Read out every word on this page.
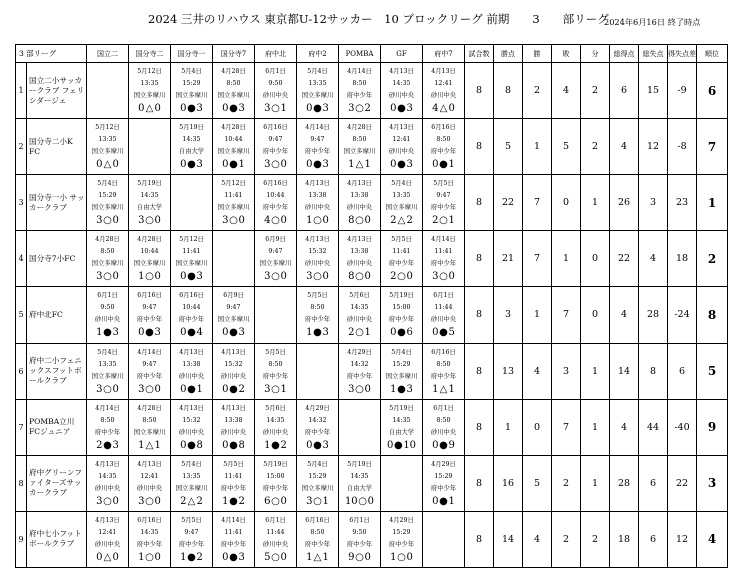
2024 三井のリハウス 東京都U-12サッカー　10 ブロックリーグ 前期　　3　　部リーグ
2024年6月16日 終了時点
3 部リーグ		国立二	国分寺二	国分寺一	国分寺7	府中北	府中2	POMBA	GF	府中7	試合数	勝点	勝	敗	分	総得点	総失点	得失点差	順位
1	国立二小サッカークラブ フェリシダージェ		5月12日
13:35
国立多摩川
0△0	5月4日
15:29
国立多摩川
0●3	4月28日
8:50
国立多摩川
0●3	6月1日
9:50
砂川中央
3○1	5月4日
13:35
国立多摩川
0●3	4月14日
8:50
府中少年
3○2	4月13日
14:35
砂川中央
0●3	4月13日
12:41
砂川中央
4△0	8	8	2	4	2	6	15	-9	6
2	国分寺二小K FC	5月12日
13:35
国立多摩川
0△0		5月19日
14:35
自由大学
0●3	4月28日
10:44
国立多摩川
0●1	6月16日
9:47
府中少年
3○0	4月14日
9:47
府中少年
0●3	4月28日
8:50
国立多摩川
1△1	4月13日
12:41
砂川中央
0●3	6月16日
8:50
府中少年
0●1	8	5	1	5	2	4	12	-8	7
3	国分寺一小 サッカークラブ	5月4日
15:29
国立多摩川
3○0	5月19日
14:35
自由大学
3○0		5月12日
11:41
国立多摩川
3○0	6月16日
10:44
府中少年
4○0	4月13日
13:38
砂川中央
1○0	4月13日
13:38
砂川中央
8○0	5月4日
13:35
国立多摩川
2△2	5月5日
9:47
府中少年
2○1	8	22	7	0	1	26	3	23	1
4	国分寺7小FC	4月28日
8:50
国立多摩川
3○0	4月28日
10:44
国立多摩川
1○0	5月12日
11:41
国立多摩川
0●3		6月9日
9:47
国立多摩川
3○0	4月13日
15:32
砂川中央
3○0	4月13日
13:38
砂川中央
8○0	5月5日
11:41
府中少年
2○0	4月14日
11:41
府中少年
3○0	8	21	7	1	0	22	4	18	2
5	府中北FC	6月1日
9:50
砂川中央
1●3	6月16日
9:47
府中少年
0●3	6月16日
10:44
府中少年
0●4	6月9日
9:47
国立多摩川
0●3		5月5日
8:50
府中少年
1●3	5月6日
14:35
砂川中央
2○1	5月19日
15:00
府中少年
0●6	6月1日
11:44
砂川中央
0●5	8	3	1	7	0	4	28	-24	8
6	府中二小フェニックスフットボールクラブ	5月4日
13:35
国立多摩川
3○0	4月14日
9:47
府中少年
3○0	4月13日
13:38
砂川中央
0●1	4月13日
15:32
砂川中央
0●2	5月5日
8:50
府中少年
3○1		4月29日
14:32
府中少年
3○0	5月4日
15:29
国立多摩川
1●3	6月16日
8:50
府中少年
1△1	8	13	4	3	1	14	8	6	5
7	POMBA立川 FCジュニア	4月14日
8:50
府中少年
2●3	4月28日
8:50
国立多摩川
1△1	4月13日
15:32
砂川中央
0●8	4月13日
13:38
砂川中央
0●8	5月6日
14:35
砂川中央
1●2	4月29日
14:32
府中少年
0●3		5月19日
14:35
自由大学
0●10	6月1日
8:50
砂川中央
0●9	8	1	0	7	1	4	44	-40	9
8	府中グリーンファイターズサッカークラブ	4月13日
14:35
砂川中央
3○0	4月13日
12:41
砂川中央
3○0	5月4日
13:35
国立多摩川
2△2	5月5日
11:41
府中少年
1●2	5月19日
15:00
府中少年
6○0	5月4日
15:29
国立多摩川
3○1	5月19日
14:35
自由大学
10○0		4月29日
15:29
府中少年
0●1	8	16	5	2	1	28	6	22	3
9	府中七小フットボールクラブ	4月13日
12:41
砂川中央
0△0	6月16日
14:35
府中少年
1○0	5月5日
9:47
府中少年
1●2	4月14日
11:41
府中少年
0●3	6月1日
11:44
砂川中央
5○0	6月16日
8:50
府中少年
1△1	6月1日
9:50
府中少年
9○0	4月29日
15:29
府中少年
1○0		8	14	4	2	2	18	6	12	4
